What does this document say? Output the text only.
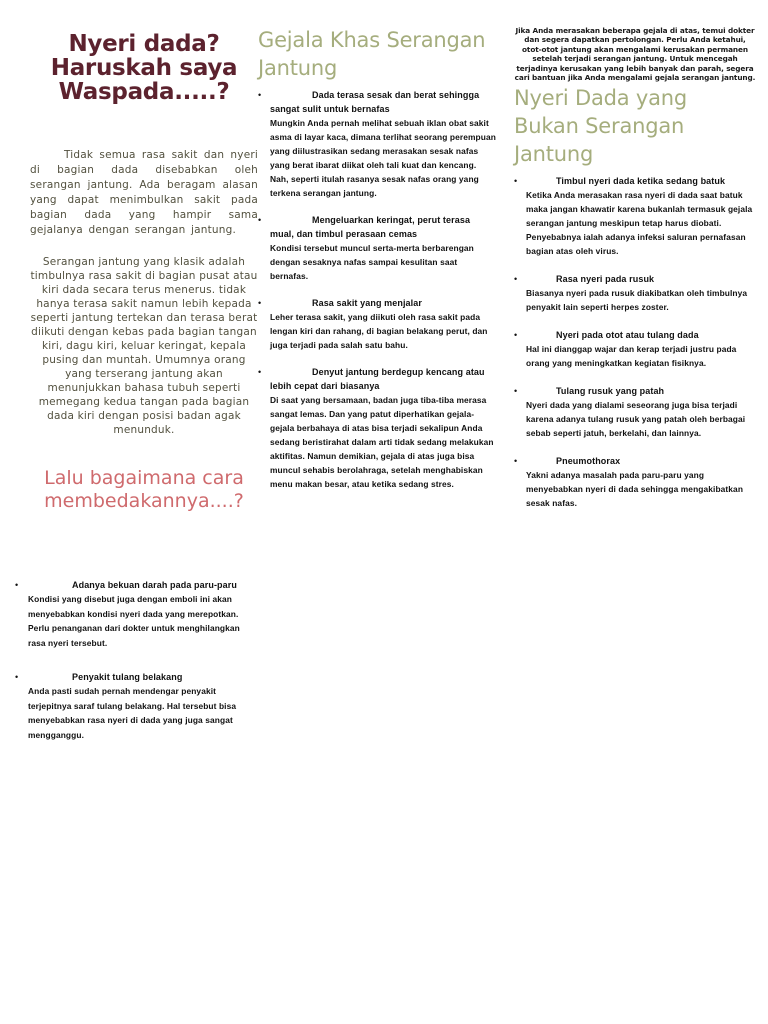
Nyeri dada? Haruskah saya Waspada.....?
Tidak semua rasa sakit dan nyeri di bagian dada disebabkan oleh serangan jantung. Ada beragam alasan yang dapat menimbulkan sakit pada bagian dada yang hampir sama gejalanya dengan serangan jantung.
Serangan jantung yang klasik adalah timbulnya rasa sakit di bagian pusat atau kiri dada secara terus menerus. tidak hanya terasa sakit namun lebih kepada seperti jantung tertekan dan terasa berat diikuti dengan kebas pada bagian tangan kiri, dagu kiri, keluar keringat, kepala pusing dan muntah. Umumnya orang yang terserang jantung akan menunjukkan bahasa tubuh seperti memegang kedua tangan pada bagian dada kiri dengan posisi badan agak menunduk.
Lalu bagaimana cara membedakannya....?
Gejala Khas Serangan Jantung
•	Dada terasa sesak dan berat sehingga sangat sulit untuk bernafas
Mungkin Anda pernah melihat sebuah iklan obat sakit asma di layar kaca, dimana terlihat seorang perempuan yang diilustrasikan sedang merasakan sesak nafas yang berat ibarat diikat oleh tali kuat dan kencang. Nah, seperti itulah rasanya sesak nafas orang yang terkena serangan jantung.
•	Mengeluarkan keringat, perut terasa mual, dan timbul perasaan cemas
Kondisi tersebut muncul serta-merta berbarengan dengan sesaknya nafas sampai kesulitan saat bernafas.
•	Rasa sakit yang menjalar
Leher terasa sakit, yang diikuti oleh rasa sakit pada lengan kiri dan rahang, di bagian belakang perut, dan juga terjadi pada salah satu bahu.
•	Denyut jantung berdegup kencang atau lebih cepat dari biasanya
Di saat yang bersamaan, badan juga tiba-tiba merasa sangat lemas. Dan yang patut diperhatikan gejala-gejala berbahaya di atas bisa terjadi sekalipun Anda sedang beristirahat dalam arti tidak sedang melakukan aktifitas. Namun demikian, gejala di atas juga bisa muncul sehabis berolahraga, setelah menghabiskan menu makan besar, atau ketika sedang stres.
Jika Anda merasakan beberapa gejala di atas, temui dokter dan segera dapatkan pertolongan. Perlu Anda ketahui, otot-otot jantung akan mengalami kerusakan permanen setelah terjadi serangan jantung. Untuk mencegah terjadinya kerusakan yang lebih banyak dan parah, segera cari bantuan jika Anda mengalami gejala serangan jantung.
Nyeri Dada yang Bukan Serangan Jantung
•	Timbul nyeri dada ketika sedang batuk
Ketika Anda merasakan rasa nyeri di dada saat batuk maka jangan khawatir karena bukanlah termasuk gejala serangan jantung meskipun tetap harus diobati. Penyebabnya ialah adanya infeksi saluran pernafasan bagian atas oleh virus.
•	Rasa nyeri pada rusuk
Biasanya nyeri pada rusuk diakibatkan oleh timbulnya penyakit lain seperti herpes zoster.
•	Nyeri pada otot atau tulang dada
Hal ini dianggap wajar dan kerap terjadi justru pada orang yang meningkatkan kegiatan fisiknya.
•	Tulang rusuk yang patah
Nyeri dada yang dialami seseorang juga bisa terjadi karena adanya tulang rusuk yang patah oleh berbagai sebab seperti jatuh, berkelahi, dan lainnya.
•	Pneumothorax
Yakni adanya masalah pada paru-paru yang menyebabkan nyeri di dada sehingga mengakibatkan sesak nafas.
•	Adanya bekuan darah pada paru-paru
Kondisi yang disebut juga dengan emboli ini akan menyebabkan kondisi nyeri dada yang merepotkan. Perlu penanganan dari dokter untuk menghilangkan rasa nyeri tersebut.
•	Penyakit tulang belakang
Anda pasti sudah pernah mendengar penyakit terjepitnya saraf tulang belakang. Hal tersebut bisa menyebabkan rasa nyeri di dada yang juga sangat mengganggu.
